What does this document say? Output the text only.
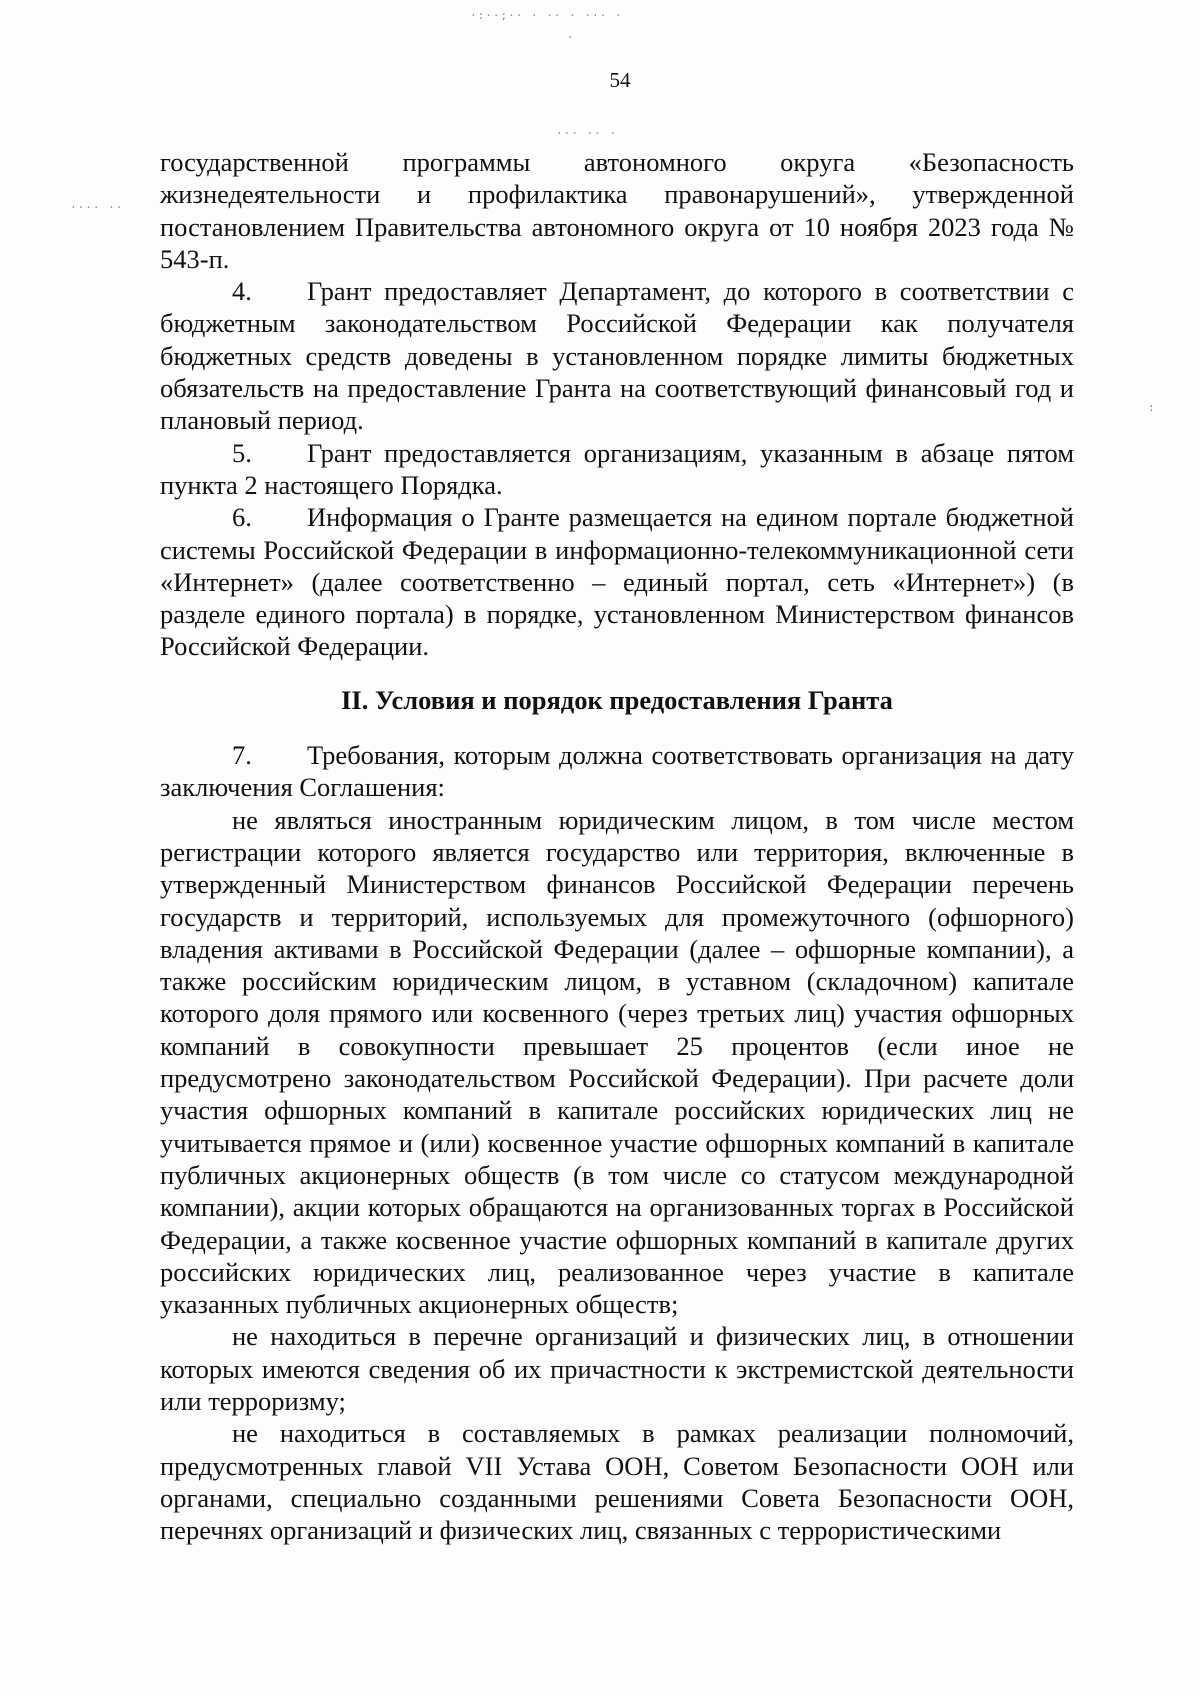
·:··;·· · ·· · ··· ·
·
··· ·· ·
···· ··
:
54

государственной программы автономного округа «Безопасность жизнедеятельности и профилактика правонарушений», утвержденной постановлением Правительства автономного округа от 10 ноября 2023 года № 543-п.

4. Грант предоставляет Департамент, до которого в соответствии с бюджетным законодательством Российской Федерации как получателя бюджетных средств доведены в установленном порядке лимиты бюджетных обязательств на предоставление Гранта на соответствующий финансовый год и плановый период.

5. Грант предоставляется организациям, указанным в абзаце пятом пункта 2 настоящего Порядка.

6. Информация о Гранте размещается на едином портале бюджетной системы Российской Федерации в информационно-телекоммуникационной сети «Интернет» (далее соответственно – единый портал, сеть «Интернет») (в разделе единого портала) в порядке, установленном Министерством финансов Российской Федерации.

II. Условия и порядок предоставления Гранта

7. Требования, которым должна соответствовать организация на дату заключения Соглашения:

не являться иностранным юридическим лицом, в том числе местом регистрации которого является государство или территория, включенные в утвержденный Министерством финансов Российской Федерации перечень государств и территорий, используемых для промежуточного (офшорного) владения активами в Российской Федерации (далее – офшорные компании), а также российским юридическим лицом, в уставном (складочном) капитале которого доля прямого или косвенного (через третьих лиц) участия офшорных компаний в совокупности превышает 25 процентов (если иное не предусмотрено законодательством Российской Федерации). При расчете доли участия офшорных компаний в капитале российских юридических лиц не учитывается прямое и (или) косвенное участие офшорных компаний в капитале публичных акционерных обществ (в том числе со статусом международной компании), акции которых обращаются на организованных торгах в Российской Федерации, а также косвенное участие офшорных компаний в капитале других российских юридических лиц, реализованное через участие в капитале указанных публичных акционерных обществ;

не находиться в перечне организаций и физических лиц, в отношении которых имеются сведения об их причастности к экстремистской деятельности или терроризму;

не находиться в составляемых в рамках реализации полномочий, предусмотренных главой VII Устава ООН, Советом Безопасности ООН или органами, специально созданными решениями Совета Безопасности ООН, перечнях организаций и физических лиц, связанных с террористическими
